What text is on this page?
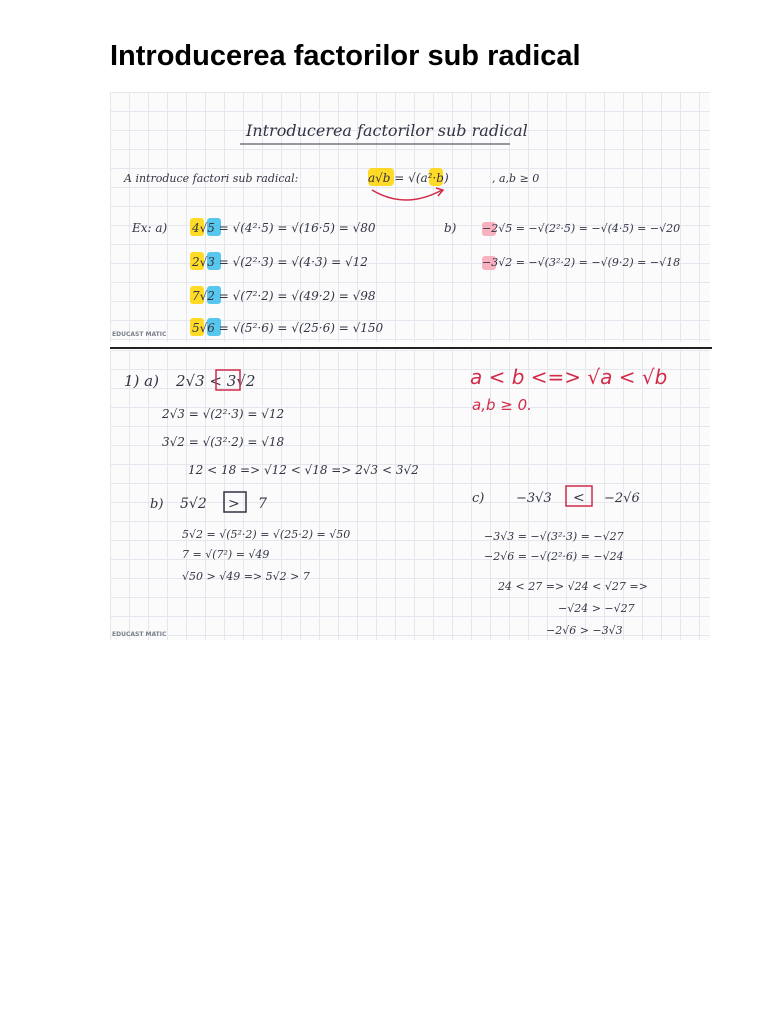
Introducerea factorilor sub radical
Introducerea factorilor sub radical
A introduce factori sub radical:	a√b = √(a²·b)	, a,b ≥ 0
Ex: a) 4√5 = √(4²·5) = √(16·5) = √80
2√3 = √(2²·3) = √(4·3) = √12
7√2 = √(7²·2) = √(49·2) = √98
5√6 = √(5²·6) = √(25·6) = √150
b) −2√5 = −√(2²·5) = −√(4·5) = −√20
−3√2 = −√(3²·2) = −√(9·2) = −√18
EDUCAST MATIC
a < b <=> √a < √b
a,b ≥ 0.
1) a) 2√3 < 3√2
2√3 = √(2²·3) = √12
3√2 = √(3²·2) = √18
12 < 18 => √12 < √18 => 2√3 < 3√2
b) 5√2 > 7
5√2 = √(5²·2) = √(25·2) = √50
7 = √(7²) = √49
√50 > √49 => 5√2 > 7
c) −3√3 < −2√6
−3√3 = −√(3²·3) = −√27
−2√6 = −√(2²·6) = −√24
24 < 27 => √24 < √27 =>
−√24 > −√27
−2√6 > −3√3
EDUCAST MATIC
